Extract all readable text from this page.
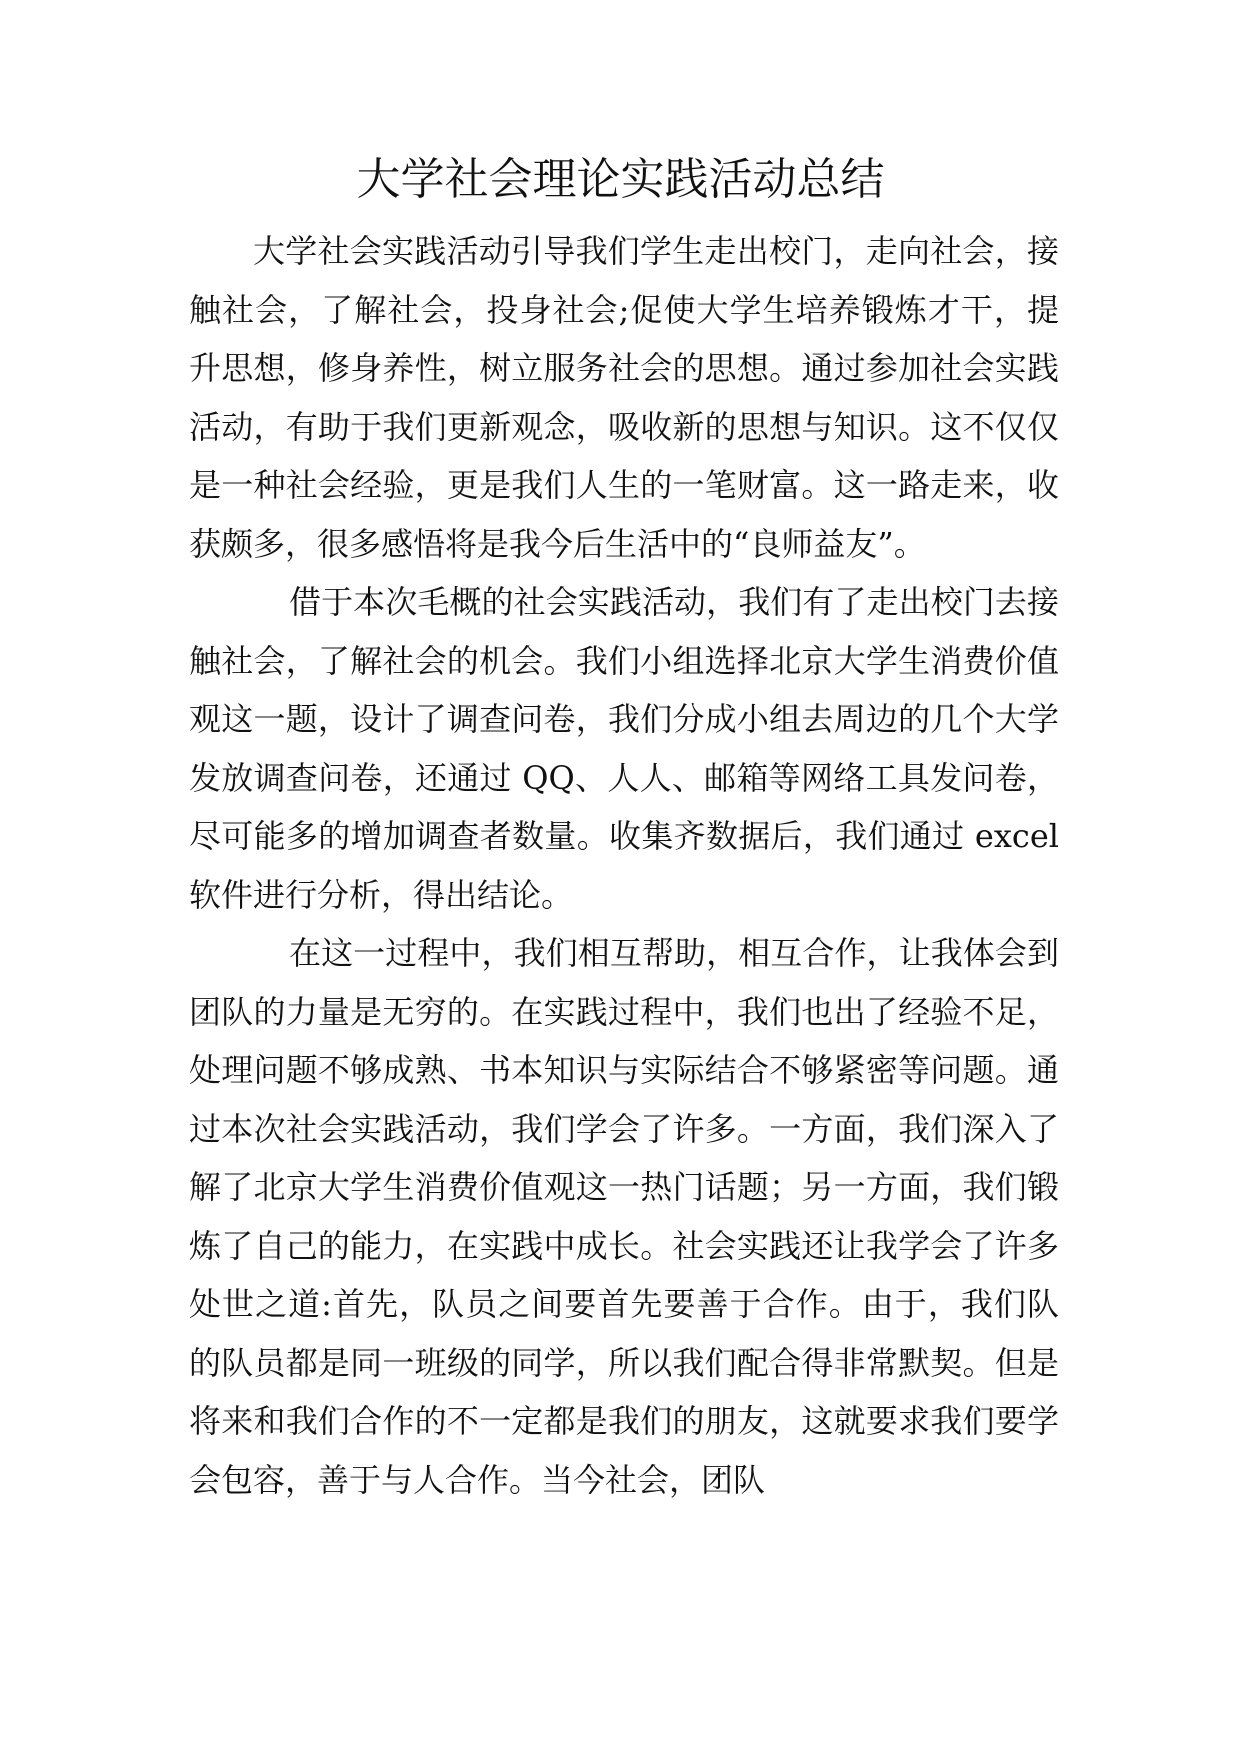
大学社会理论实践活动总结

大学社会实践活动引导我们学生走出校门，走向社会，接触社会，了解社会，投身社会;促使大学生培养锻炼才干，提升思想，修身养性，树立服务社会的思想。通过参加社会实践活动，有助于我们更新观念，吸收新的思想与知识。这不仅仅是一种社会经验，更是我们人生的一笔财富。这一路走来，收获颇多，很多感悟将是我今后生活中的“良师益友”。

借于本次毛概的社会实践活动，我们有了走出校门去接触社会，了解社会的机会。我们小组选择北京大学生消费价值观这一题，设计了调查问卷，我们分成小组去周边的几个大学发放调查问卷，还通过 QQ、人人、邮箱等网络工具发问卷，尽可能多的增加调查者数量。收集齐数据后，我们通过 excel 软件进行分析，得出结论。

在这一过程中，我们相互帮助，相互合作，让我体会到团队的力量是无穷的。在实践过程中，我们也出了经验不足，处理问题不够成熟、书本知识与实际结合不够紧密等问题。通过本次社会实践活动，我们学会了许多。一方面，我们深入了解了北京大学生消费价值观这一热门话题；另一方面，我们锻炼了自己的能力，在实践中成长。社会实践还让我学会了许多处世之道:首先，队员之间要首先要善于合作。由于，我们队的队员都是同一班级的同学，所以我们配合得非常默契。但是将来和我们合作的不一定都是我们的朋友，这就要求我们要学会包容，善于与人合作。当今社会，团队
